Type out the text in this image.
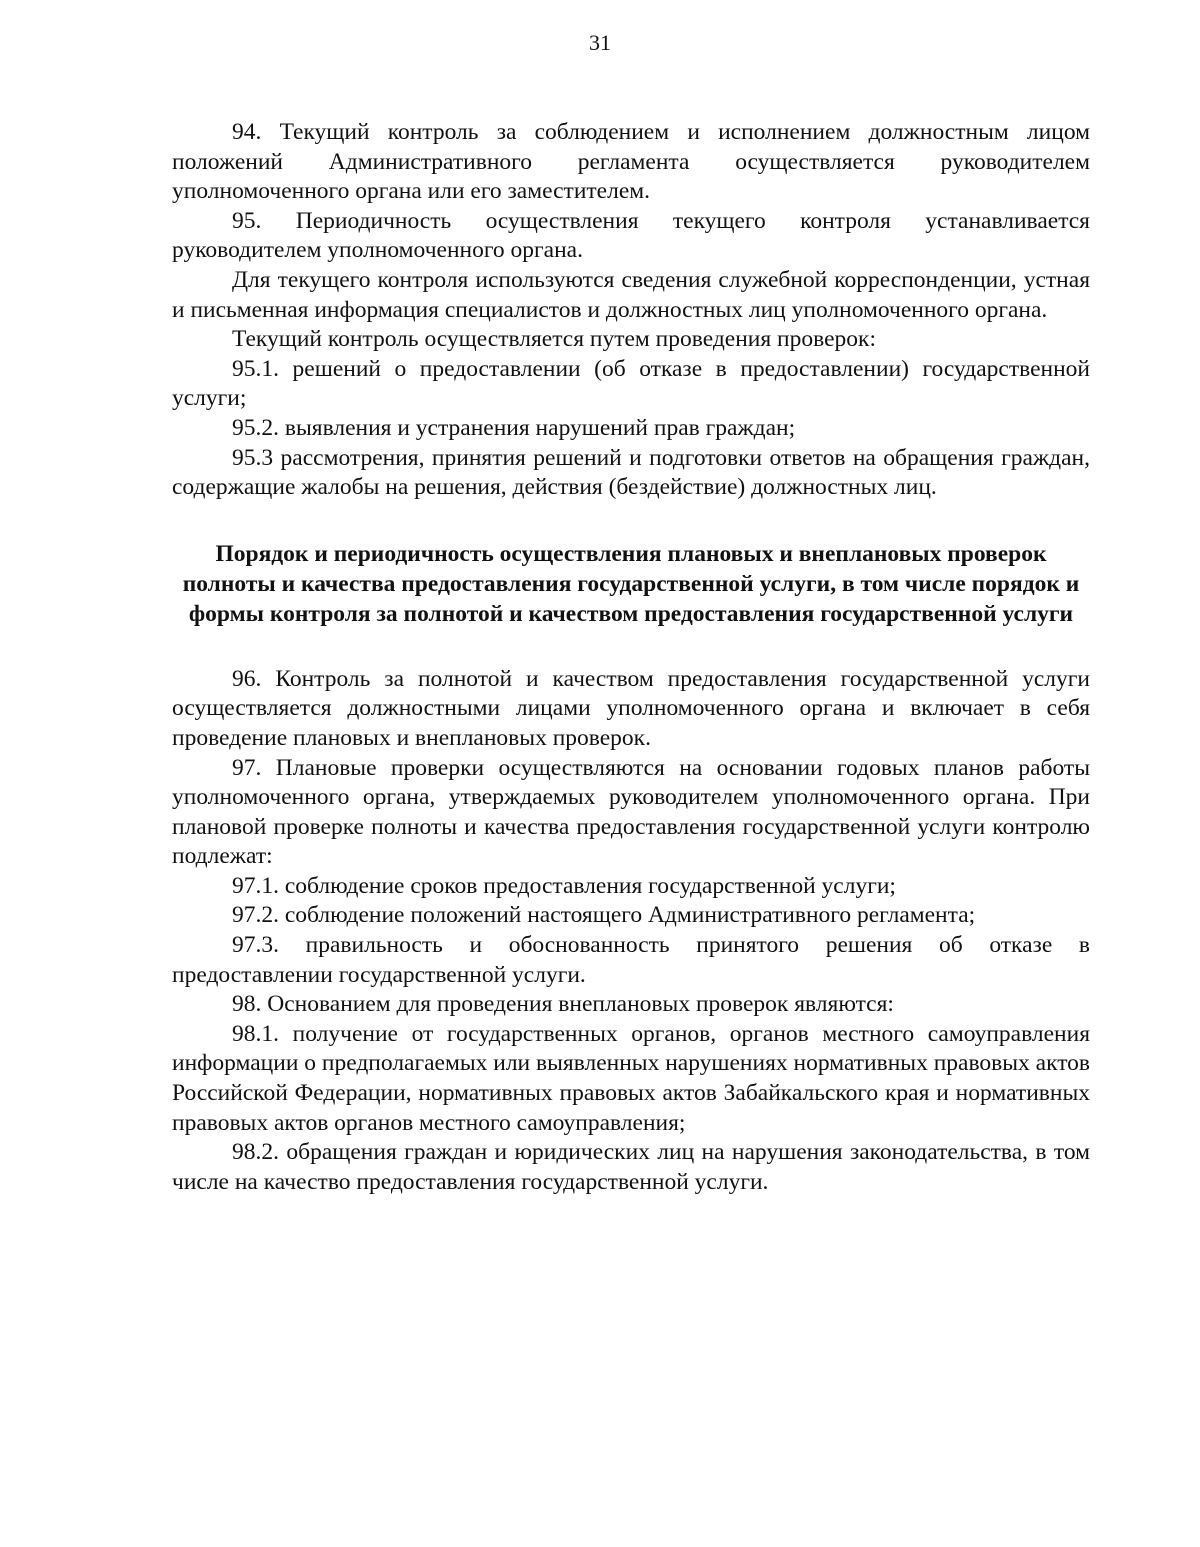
31

94. Текущий контроль за соблюдением и исполнением должностным лицом положений Административного регламента осуществляется руководителем уполномоченного органа или его заместителем.

95. Периодичность осуществления текущего контроля устанавливается руководителем уполномоченного органа.

Для текущего контроля используются сведения служебной корреспонденции, устная и письменная информация специалистов и должностных лиц уполномоченного органа.

Текущий контроль осуществляется путем проведения проверок:

95.1. решений о предоставлении (об отказе в предоставлении) государственной услуги;

95.2. выявления и устранения нарушений прав граждан;

95.3 рассмотрения, принятия решений и подготовки ответов на обращения граждан, содержащие жалобы на решения, действия (бездействие) должностных лиц.

Порядок и периодичность осуществления плановых и внеплановых проверок полноты и качества предоставления государственной услуги, в том числе порядок и формы контроля за полнотой и качеством предоставления государственной услуги

96. Контроль за полнотой и качеством предоставления государственной услуги осуществляется должностными лицами уполномоченного органа и включает в себя проведение плановых и внеплановых проверок.

97. Плановые проверки осуществляются на основании годовых планов работы уполномоченного органа, утверждаемых руководителем уполномоченного органа. При плановой проверке полноты и качества предоставления государственной услуги контролю подлежат:

97.1. соблюдение сроков предоставления государственной услуги;

97.2. соблюдение положений настоящего Административного регламента;

97.3. правильность и обоснованность принятого решения об отказе в предоставлении государственной услуги.

98. Основанием для проведения внеплановых проверок являются:

98.1. получение от государственных органов, органов местного самоуправления информации о предполагаемых или выявленных нарушениях нормативных правовых актов Российской Федерации, нормативных правовых актов Забайкальского края и нормативных правовых актов органов местного самоуправления;

98.2. обращения граждан и юридических лиц на нарушения законодательства, в том числе на качество предоставления государственной услуги.
